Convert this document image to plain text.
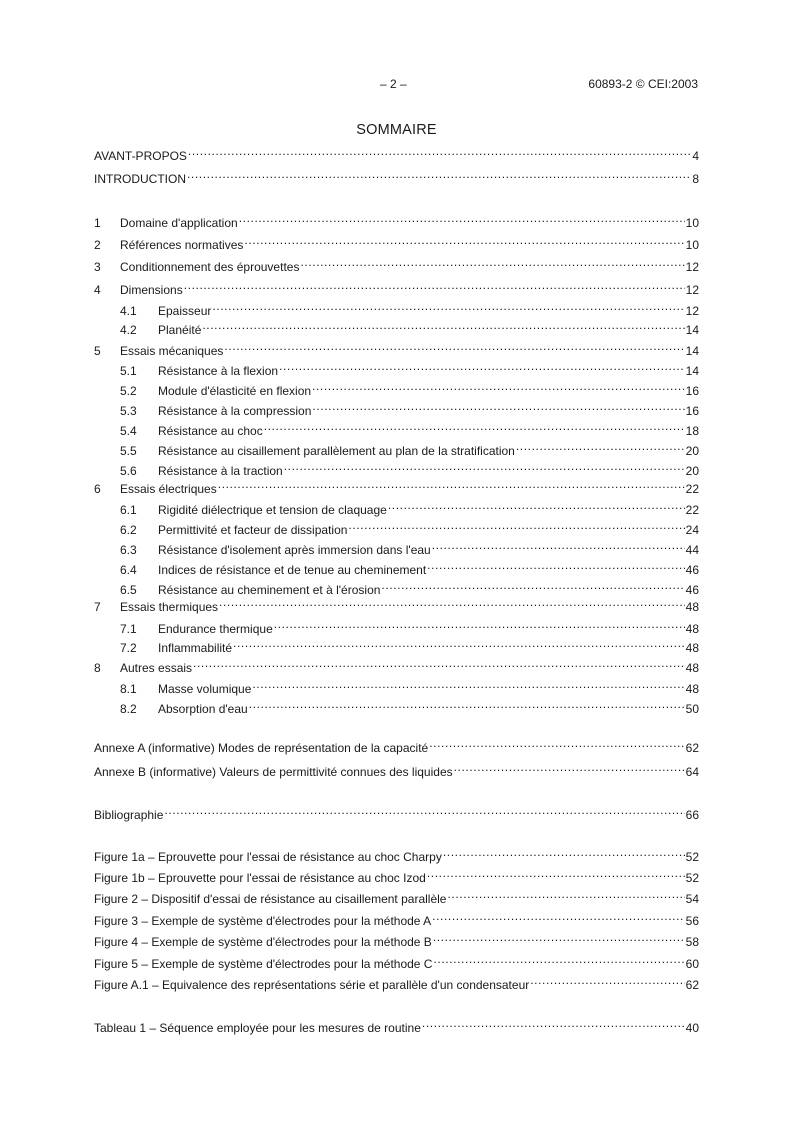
– 2 –	60893-2 © CEI:2003
SOMMAIRE
AVANT-PROPOS .....	4
INTRODUCTION .....	8
1	Domaine d'application .....	10
2	Références normatives .....	10
3	Conditionnement des éprouvettes .....	12
4	Dimensions .....	12
4.1	Epaisseur .....	12
4.2	Planéité .....	14
5	Essais mécaniques .....	14
5.1	Résistance à la flexion .....	14
5.2	Module d'élasticité en flexion .....	16
5.3	Résistance à la compression .....	16
5.4	Résistance au choc .....	18
5.5	Résistance au cisaillement parallèlement au plan de la stratification .....	20
5.6	Résistance à la traction .....	20
6	Essais électriques .....	22
6.1	Rigidité diélectrique et tension de claquage .....	22
6.2	Permittivité et facteur de dissipation .....	24
6.3	Résistance d'isolement après immersion dans l'eau .....	44
6.4	Indices de résistance et de tenue au cheminement .....	46
6.5	Résistance au cheminement et à l'érosion .....	46
7	Essais thermiques .....	48
7.1	Endurance thermique .....	48
7.2	Inflammabilité .....	48
8	Autres essais .....	48
8.1	Masse volumique .....	48
8.2	Absorption d'eau .....	50
Annexe A (informative) Modes de représentation de la capacité .....	62
Annexe B (informative) Valeurs de permittivité connues des liquides .....	64
Bibliographie .....	66
Figure 1a – Eprouvette pour l'essai de résistance au choc Charpy .....	52
Figure 1b – Eprouvette pour l'essai de résistance au choc Izod .....	52
Figure 2 – Dispositif d'essai de résistance au cisaillement parallèle .....	54
Figure 3 – Exemple de système d'électrodes pour la méthode A .....	56
Figure 4 – Exemple de système d'électrodes pour la méthode B .....	58
Figure 5 – Exemple de système d'électrodes pour la méthode C .....	60
Figure A.1 – Equivalence des représentations série et parallèle d'un condensateur .....	62
Tableau 1 – Séquence employée pour les mesures de routine .....	40
